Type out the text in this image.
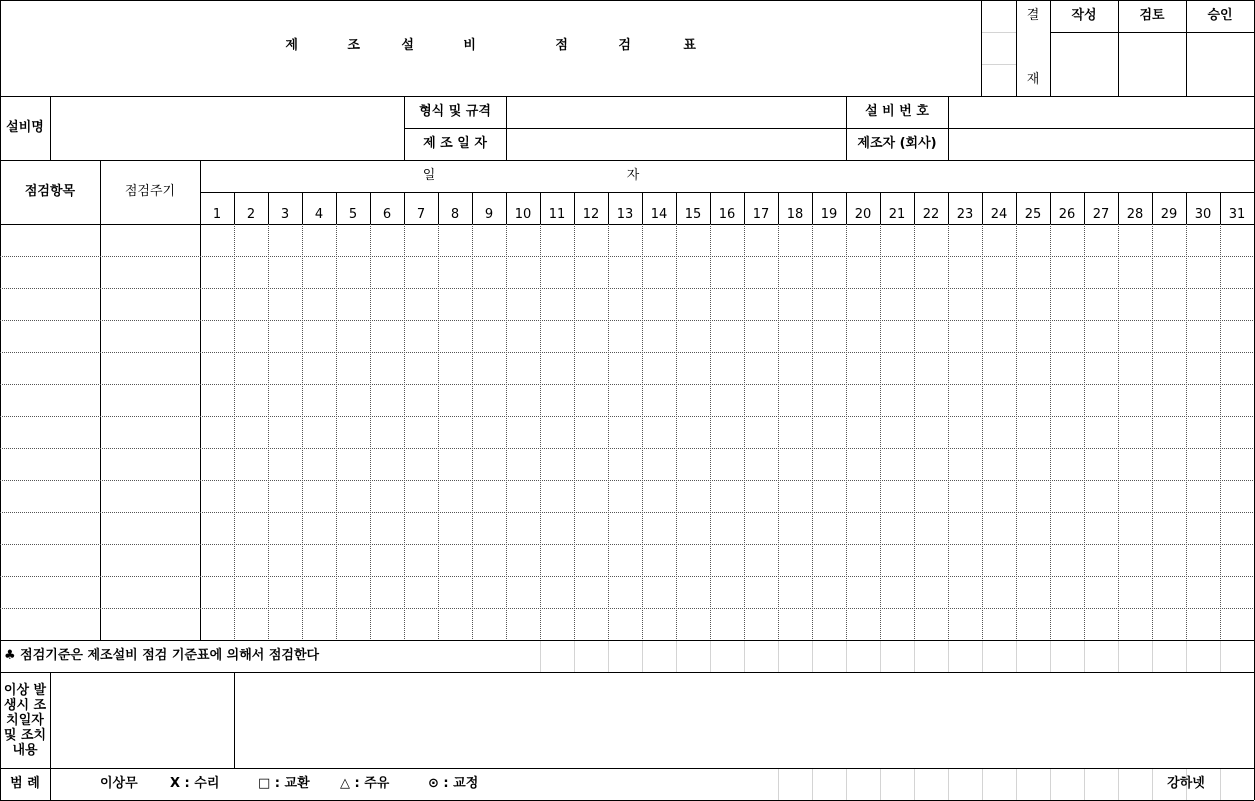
제	조	설	비	점	검	표
결
재
작성	검토	승인
설비명
형식 및 규격	설 비 번 호
제 조 일 자	제조자 (회사)
점검항목	점검주기
일	자
1	2	3	4	5	6	7	8	9	10	11	12	13	14	15	16	17	18	19	20	21	22	23	24	25	26	27	28	29	30	31
♣ 점검기준은 제조설비 점검 기준표에 의해서 점검한다
이상 발생시 조치일자 및 조치내용
범 례	이상무	X : 수리	□ : 교환	△ : 주유	⊙ : 교정	강하넷
